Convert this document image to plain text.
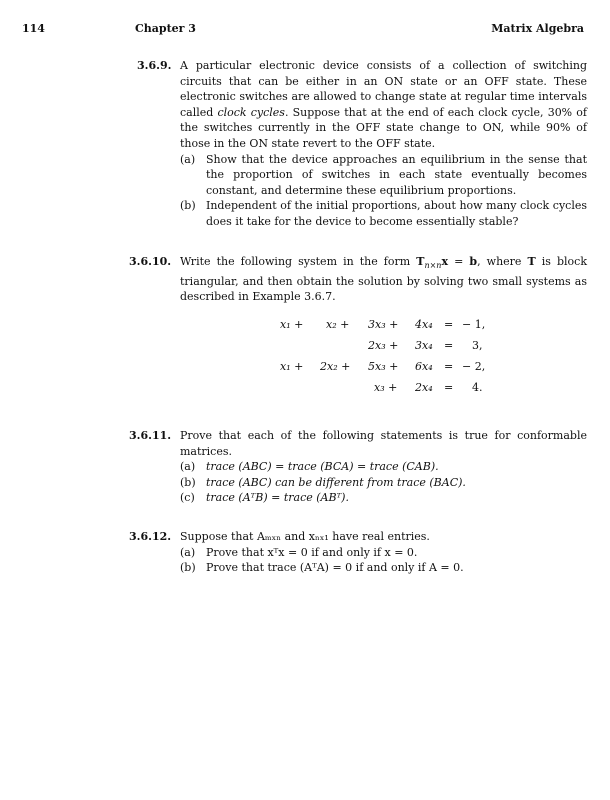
114	Chapter 3	Matrix Algebra
3.6.9. A particular electronic device consists of a collection of switching circuits that can be either in an ON state or an OFF state. These electronic switches are allowed to change state at regular time intervals called clock cycles. Suppose that at the end of each clock cycle, 30% of the switches currently in the OFF state change to ON, while 90% of those in the ON state revert to the OFF state.
(a) Show that the device approaches an equilibrium in the sense that the proportion of switches in each state eventually becomes constant, and determine these equilibrium proportions.
(b) Independent of the initial proportions, about how many clock cycles does it take for the device to become essentially stable?
3.6.10. Write the following system in the form $T_{n\times n}x = b$, where T is block triangular, and then obtain the solution by solving two small systems as described in Example 3.6.7.
x₁ + x₂ + 3x₃ + 4x₄ = − 1,
2x₃ + 3x₄ = 3,
x₁ + 2x₂ + 5x₃ + 6x₄ = − 2,
x₃ + 2x₄ = 4.
3.6.11. Prove that each of the following statements is true for conformable matrices.
(a) trace (ABC) = trace (BCA) = trace (CAB).
(b) trace (ABC) can be different from trace (BAC).
(c)	trace (AᵀB) = trace (ABᵀ).
3.6.12. Suppose that Aₘₓₙ and xₙₓ₁ have real entries.
(a) Prove that xᵀx = 0 if and only if x = 0.
(b) Prove that trace (AᵀA) = 0 if and only if A = 0.
